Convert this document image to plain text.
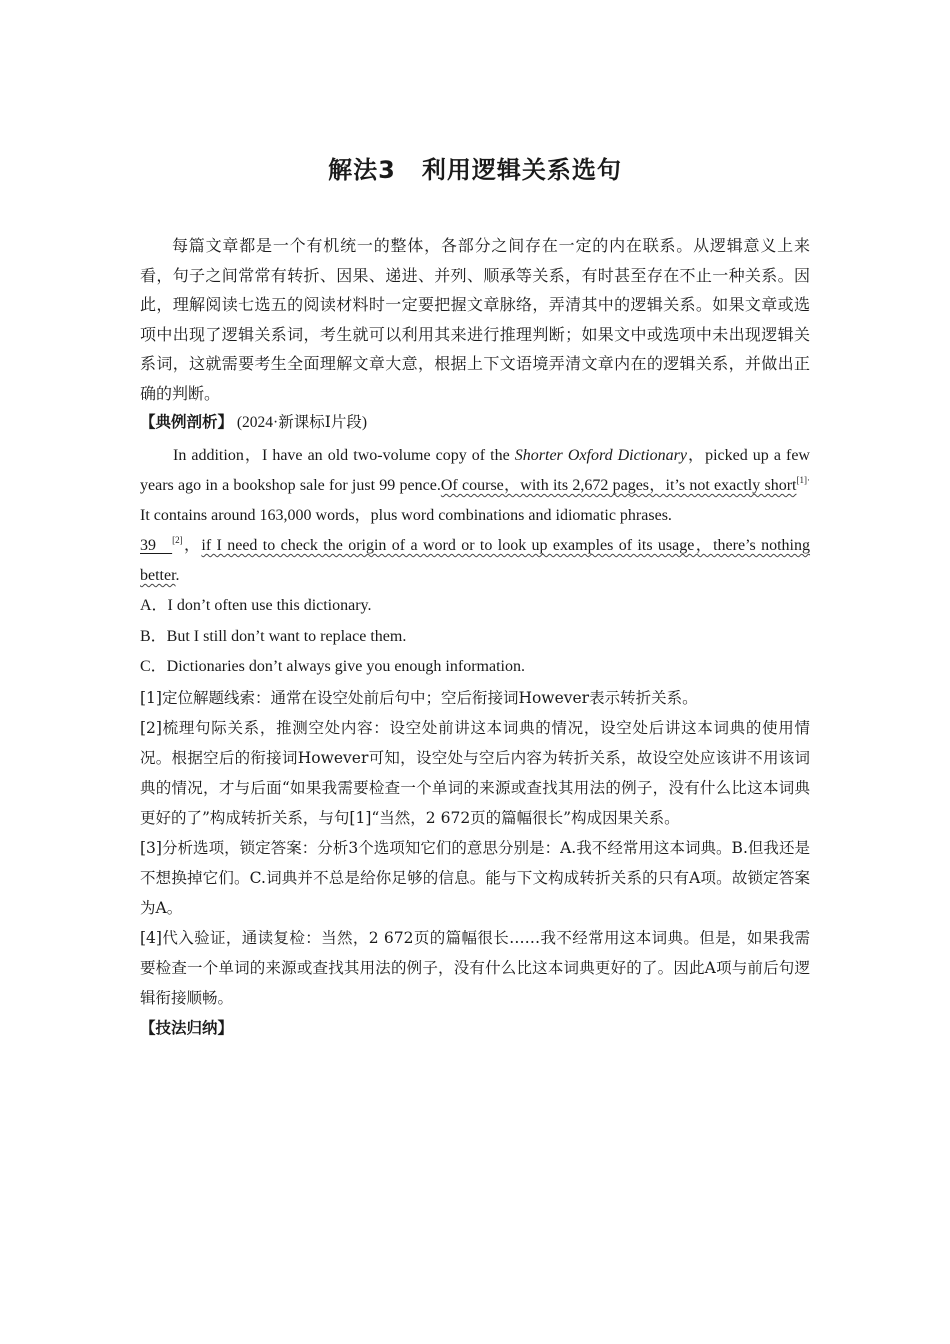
解法3 利用逻辑关系选句

每篇文章都是一个有机统一的整体，各部分之间存在一定的内在联系。从逻辑意义上来看，句子之间常常有转折、因果、递进、并列、顺承等关系，有时甚至存在不止一种关系。因此，理解阅读七选五的阅读材料时一定要把握文章脉络，弄清其中的逻辑关系。如果文章或选项中出现了逻辑关系词，考生就可以利用其来进行推理判断；如果文中或选项中未出现逻辑关系词，这就需要考生全面理解文章大意，根据上下文语境弄清文章内在的逻辑关系，并做出正确的判断。

【典例剖析】 (2024·新课标Ⅰ片段)

In addition，I have an old two-volume copy of the Shorter Oxford Dictionary，picked up a few years ago in a bookshop sale for just 99 pence.Of course，with its 2,672 pages，it’s not exactly short$^{[1]\cdot}$ It contains around 163,000 words，plus word combinations and idiomatic phrases.
39 [2]，if I need to check the origin of a word or to look up examples of its usage，there’s nothing better.

A．I don’t often use this dictionary.

B．But I still don’t want to replace them.

C．Dictionaries don’t always give you enough information.

[1]定位解题线索：通常在设空处前后句中；空后衔接词However表示转折关系。

[2]梳理句际关系，推测空处内容：设空处前讲这本词典的情况，设空处后讲这本词典的使用情况。根据空后的衔接词However可知，设空处与空后内容为转折关系，故设空处应该讲不用该词典的情况，才与后面“如果我需要检查一个单词的来源或查找其用法的例子，没有什么比这本词典更好的了”构成转折关系，与句[1]“当然，2 672页的篇幅很长”构成因果关系。

[3]分析选项，锁定答案：分析3个选项知它们的意思分别是：A.我不经常用这本词典。B.但我还是不想换掉它们。C.词典并不总是给你足够的信息。能与下文构成转折关系的只有A项。故锁定答案为A。

[4]代入验证，通读复检：当然，2 672页的篇幅很长……我不经常用这本词典。但是，如果我需要检查一个单词的来源或查找其用法的例子，没有什么比这本词典更好的了。因此A项与前后句逻辑衔接顺畅。

【技法归纳】
